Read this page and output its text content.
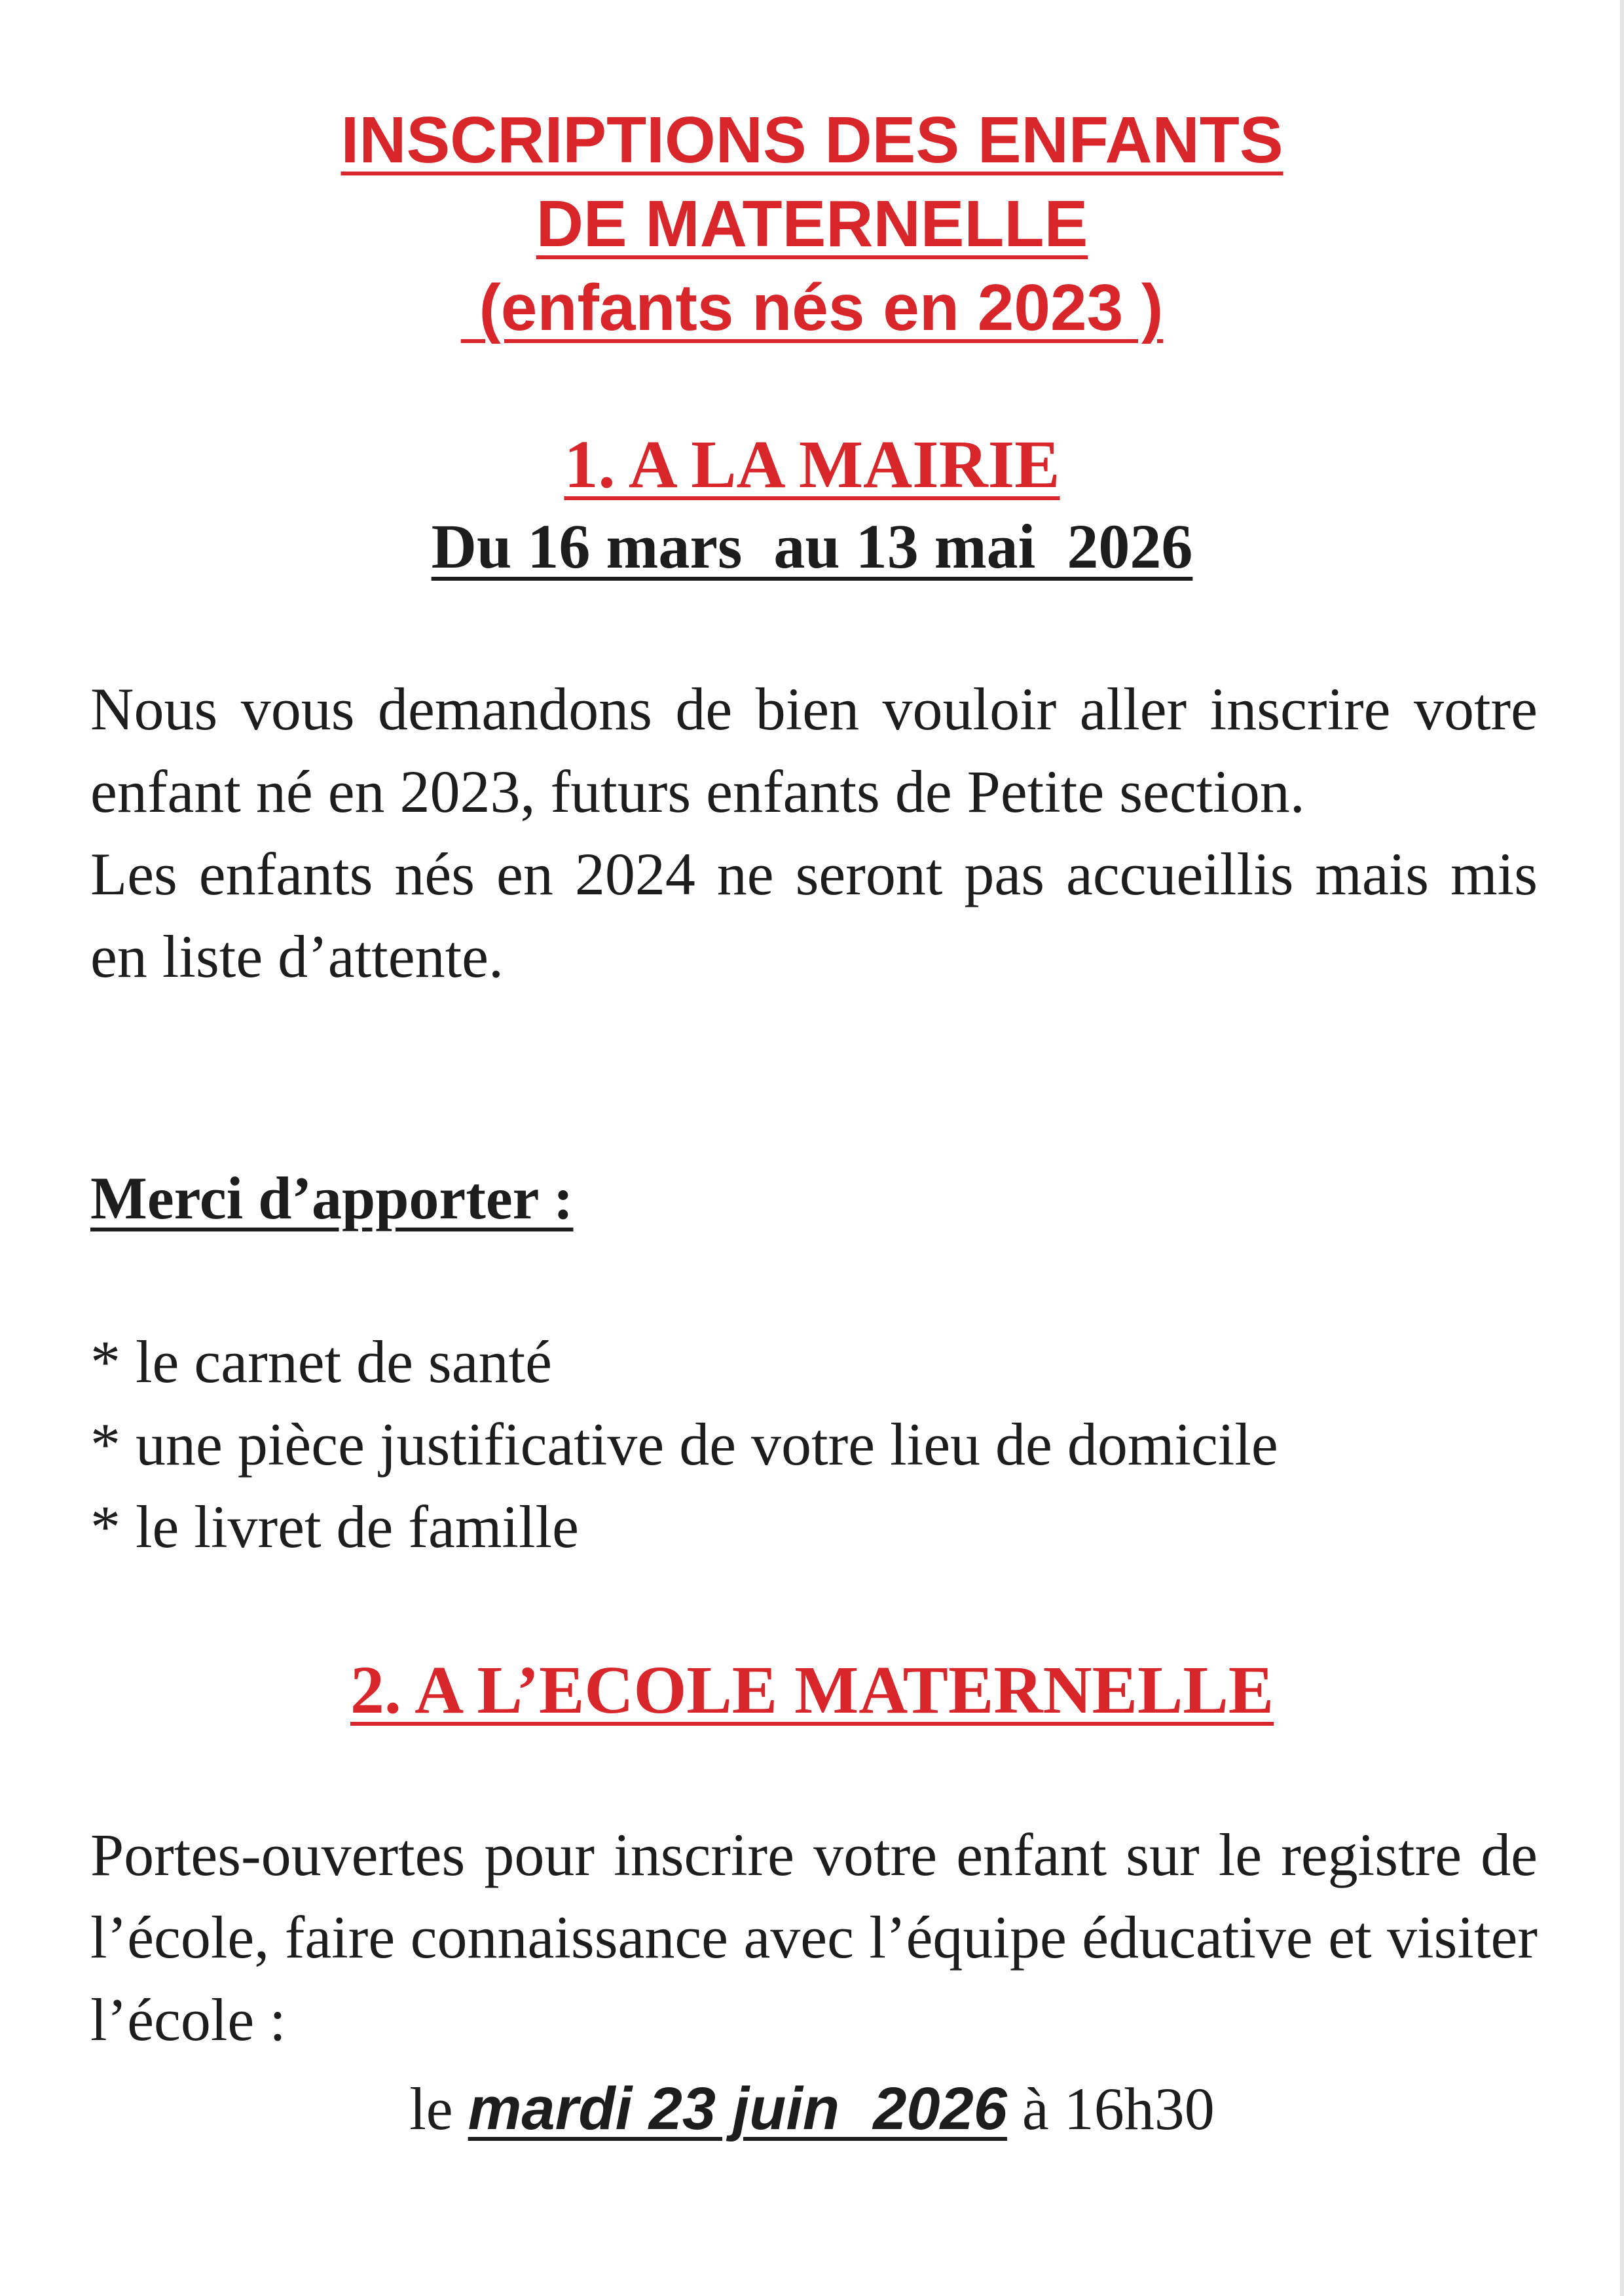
INSCRIPTIONS DES ENFANTS
DE MATERNELLE
(enfants nés en 2023 )
1. A LA MAIRIE
Du 16 mars  au 13 mai  2026

Nous vous demandons de bien vouloir aller inscrire votre enfant né en 2023, futurs enfants de Petite section.

Les enfants nés en 2024 ne seront pas accueillis mais mis en liste d’attente.

Merci d’apporter :
* le carnet de santé
* une pièce justificative de votre lieu de domicile
* le livret de famille
2. A L’ECOLE MATERNELLE

Portes-ouvertes pour inscrire votre enfant sur le registre de l’école, faire connaissance avec l’équipe éducative et visiter l’école :

le mardi 23 juin  2026 à 16h30
